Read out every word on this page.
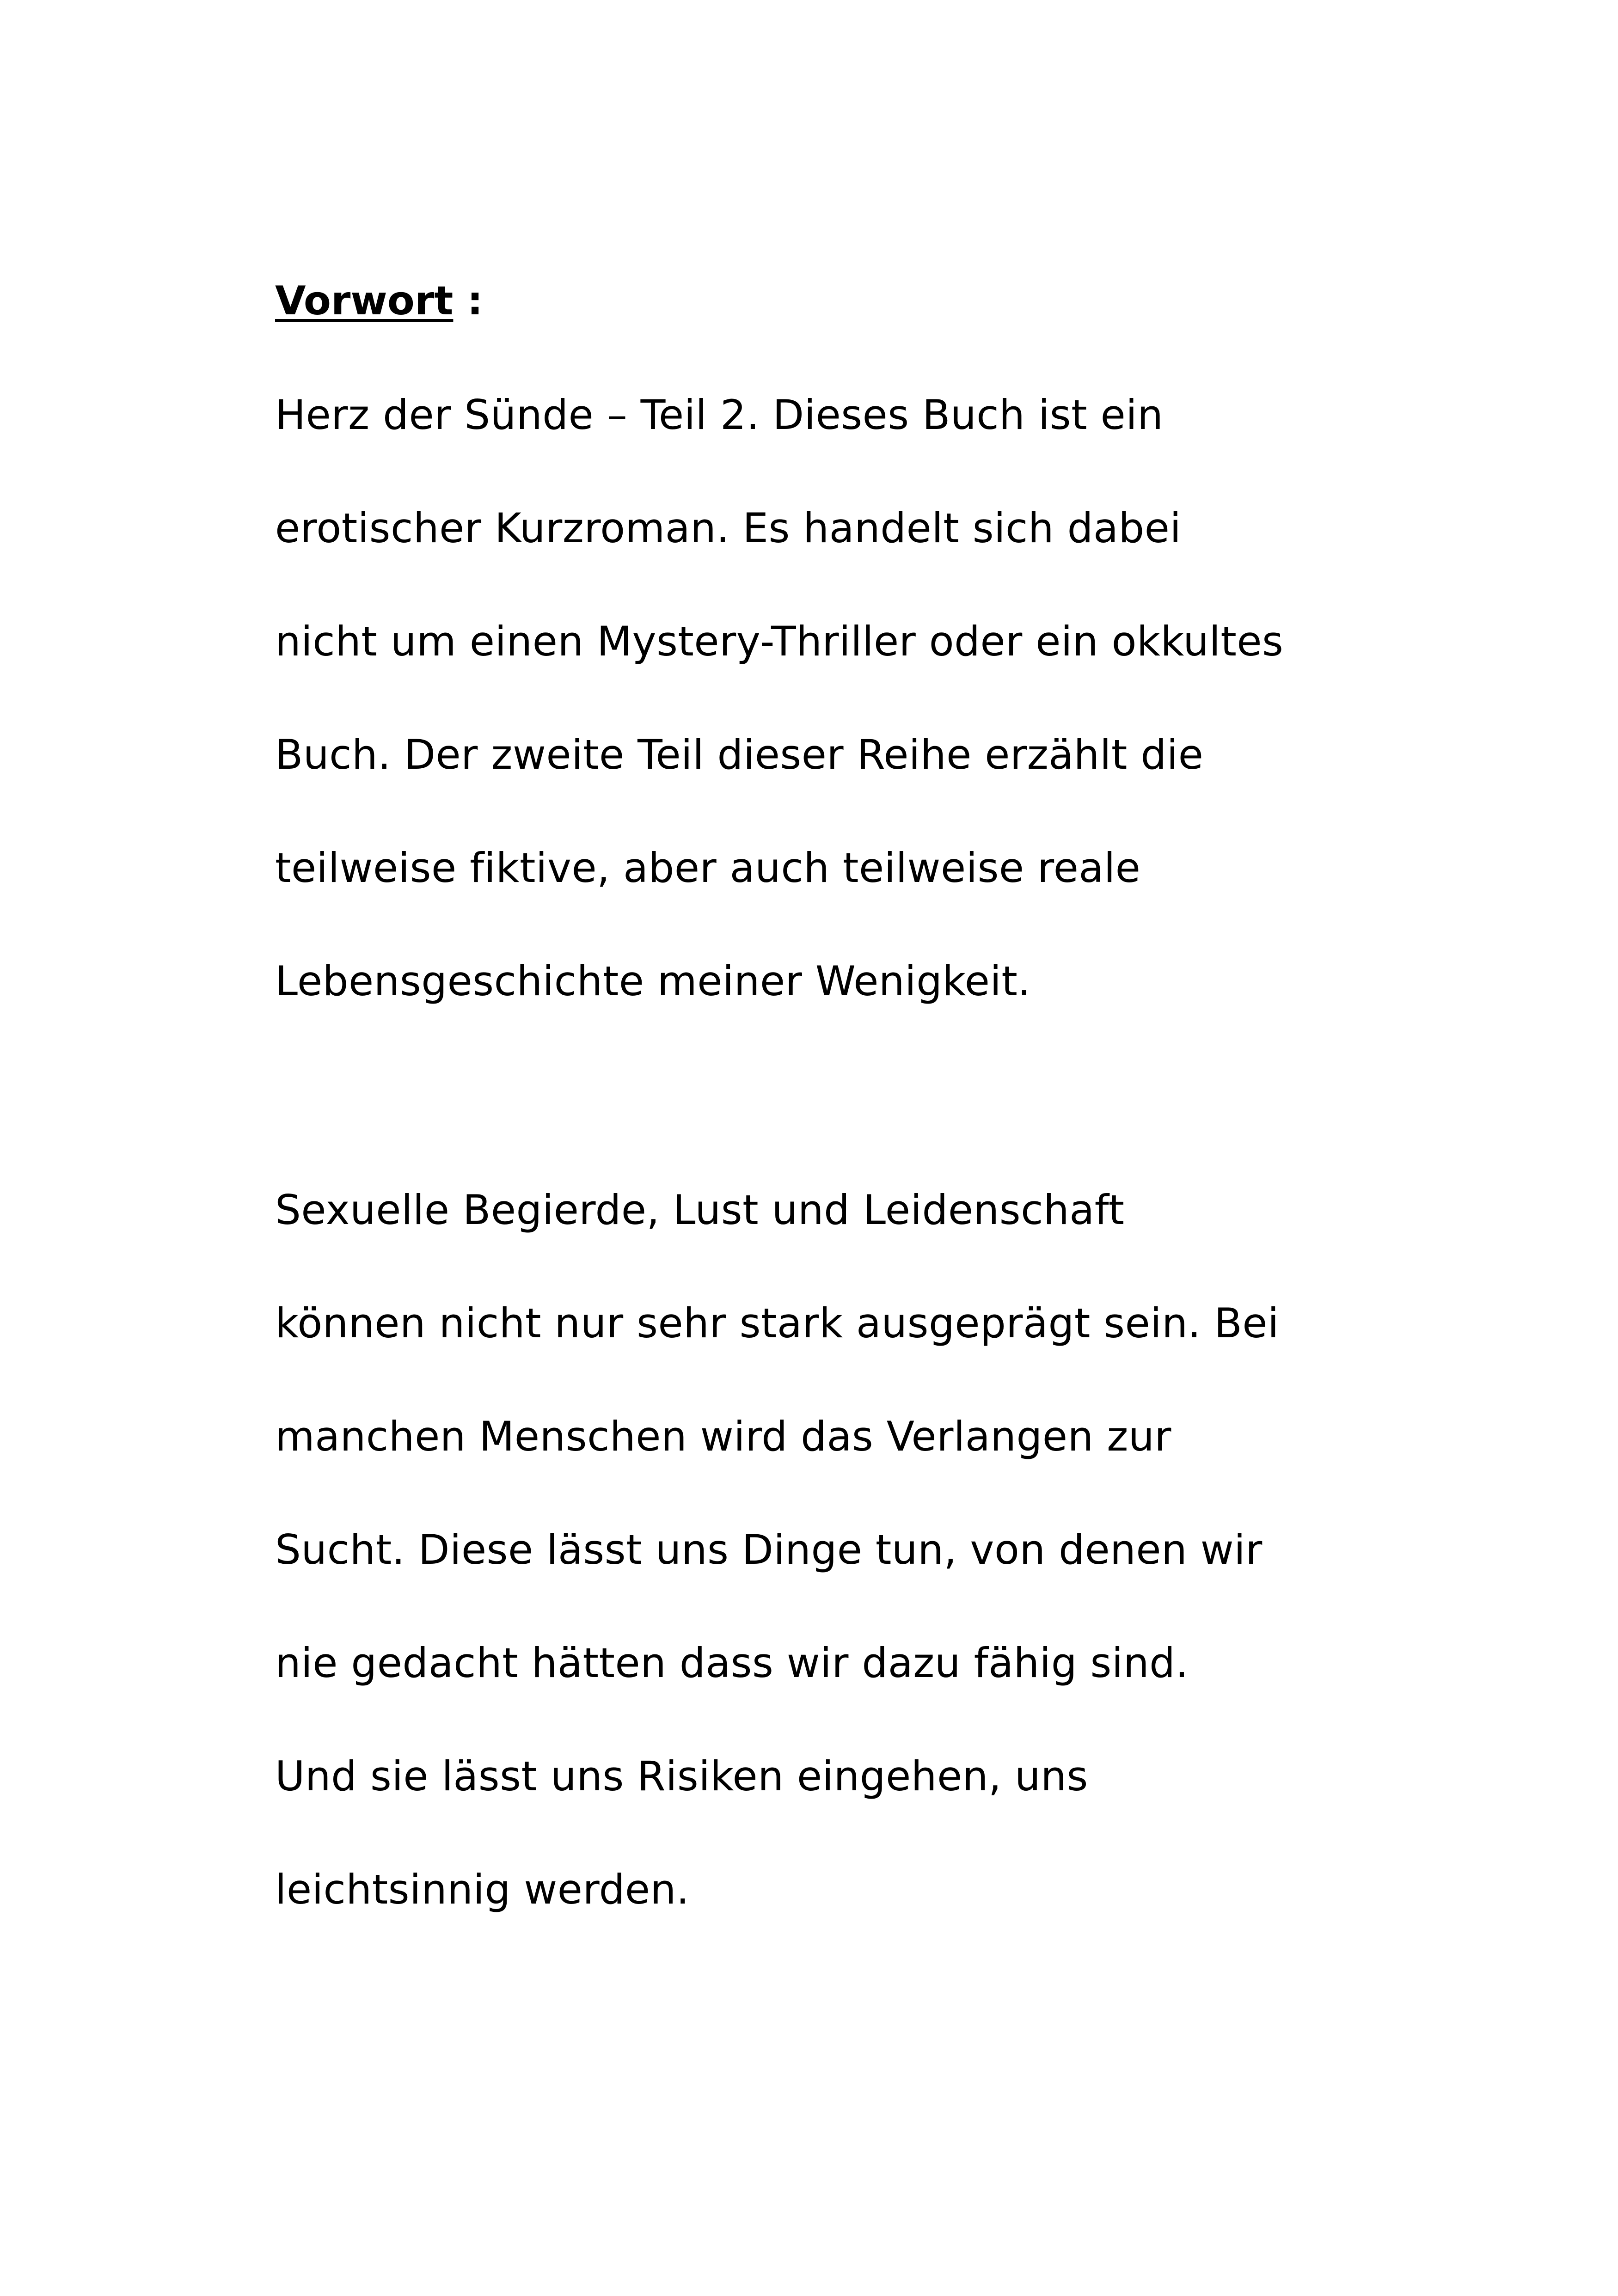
Vorwort :
Herz der Sünde – Teil 2. Dieses Buch ist ein
erotischer Kurzroman. Es handelt sich dabei
nicht um einen Mystery-Thriller oder ein okkultes
Buch. Der zweite Teil dieser Reihe erzählt die
teilweise fiktive, aber auch teilweise reale
Lebensgeschichte meiner Wenigkeit.
Sexuelle Begierde, Lust und Leidenschaft
können nicht nur sehr stark ausgeprägt sein. Bei
manchen Menschen wird das Verlangen zur
Sucht. Diese lässt uns Dinge tun, von denen wir
nie gedacht hätten dass wir dazu fähig sind.
Und sie lässt uns Risiken eingehen, uns
leichtsinnig werden.
